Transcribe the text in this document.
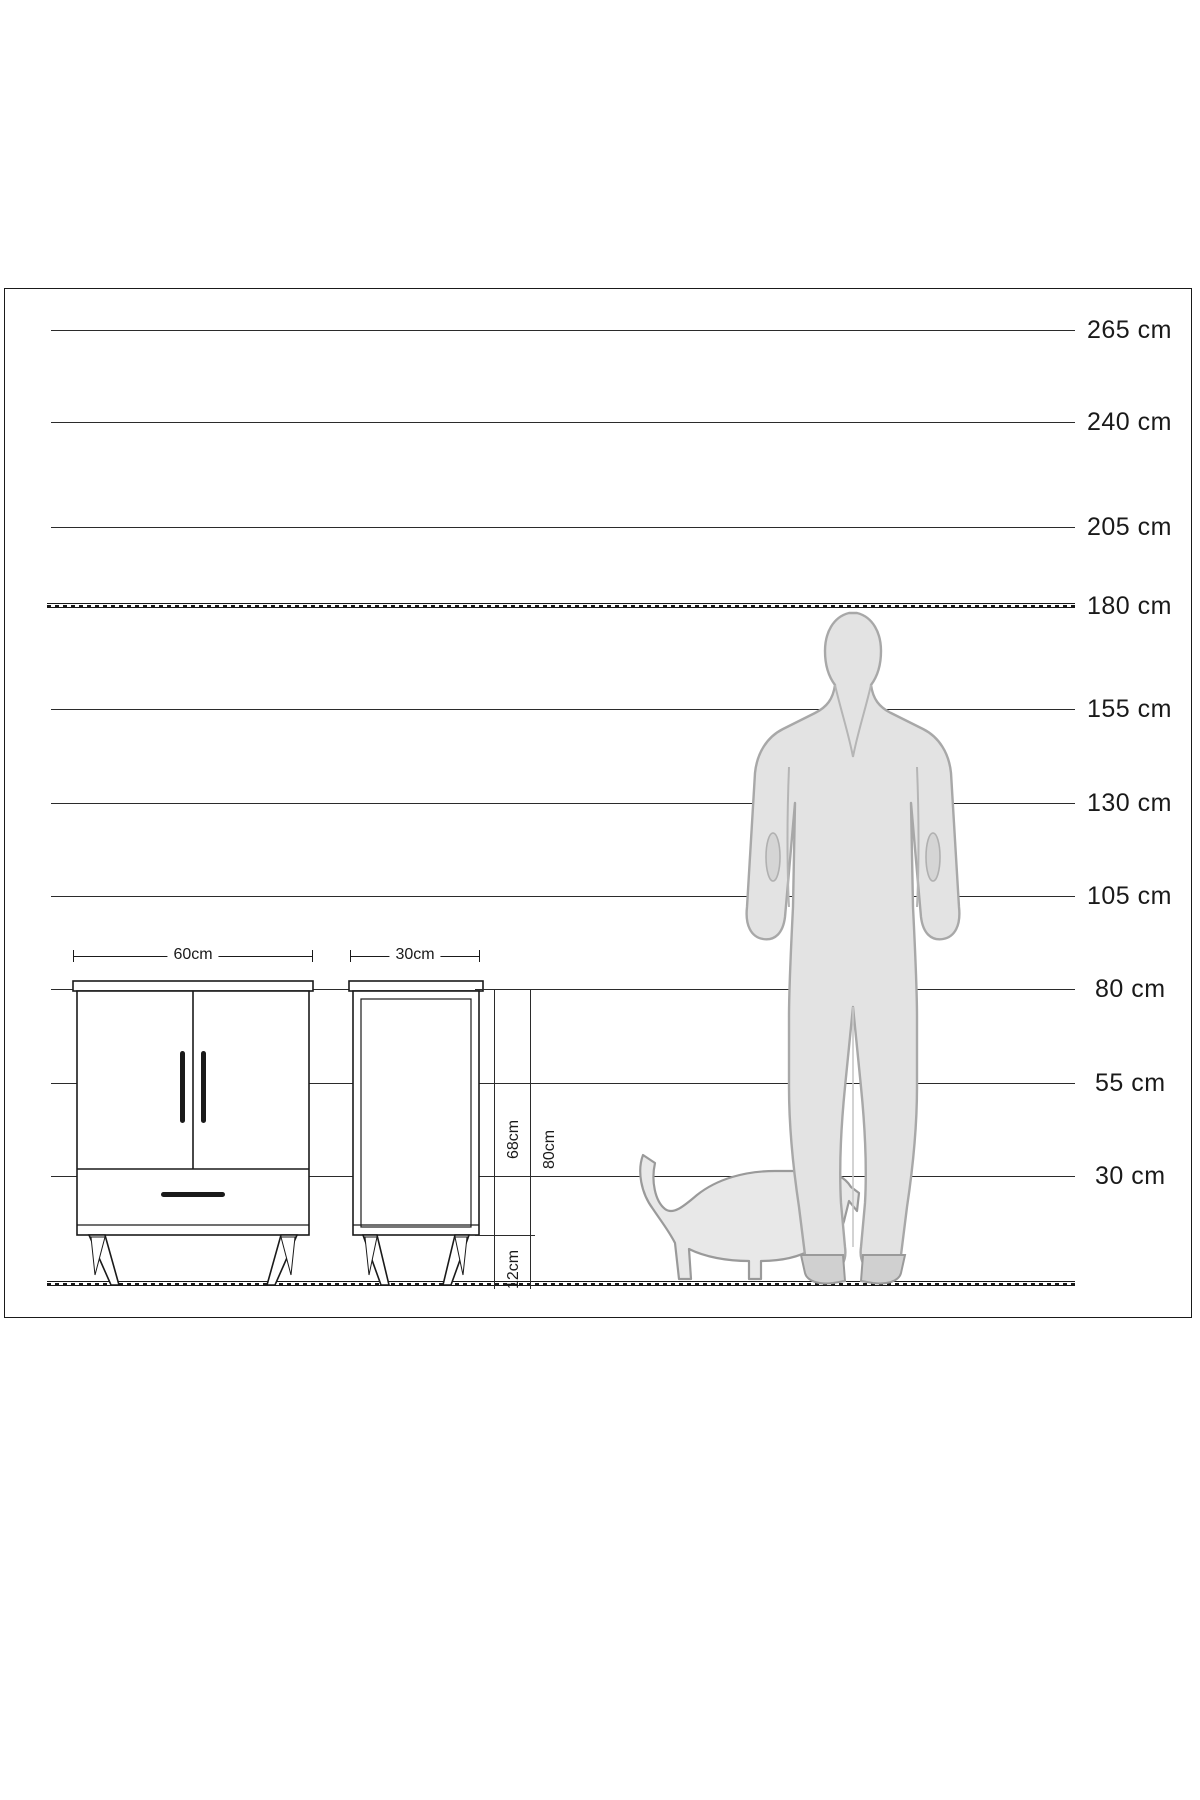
265 cm
240 cm
205 cm
180 cm
155 cm
130 cm
105 cm
80 cm
55 cm
30 cm
60cm	30cm
68cm 80cm
12cm
